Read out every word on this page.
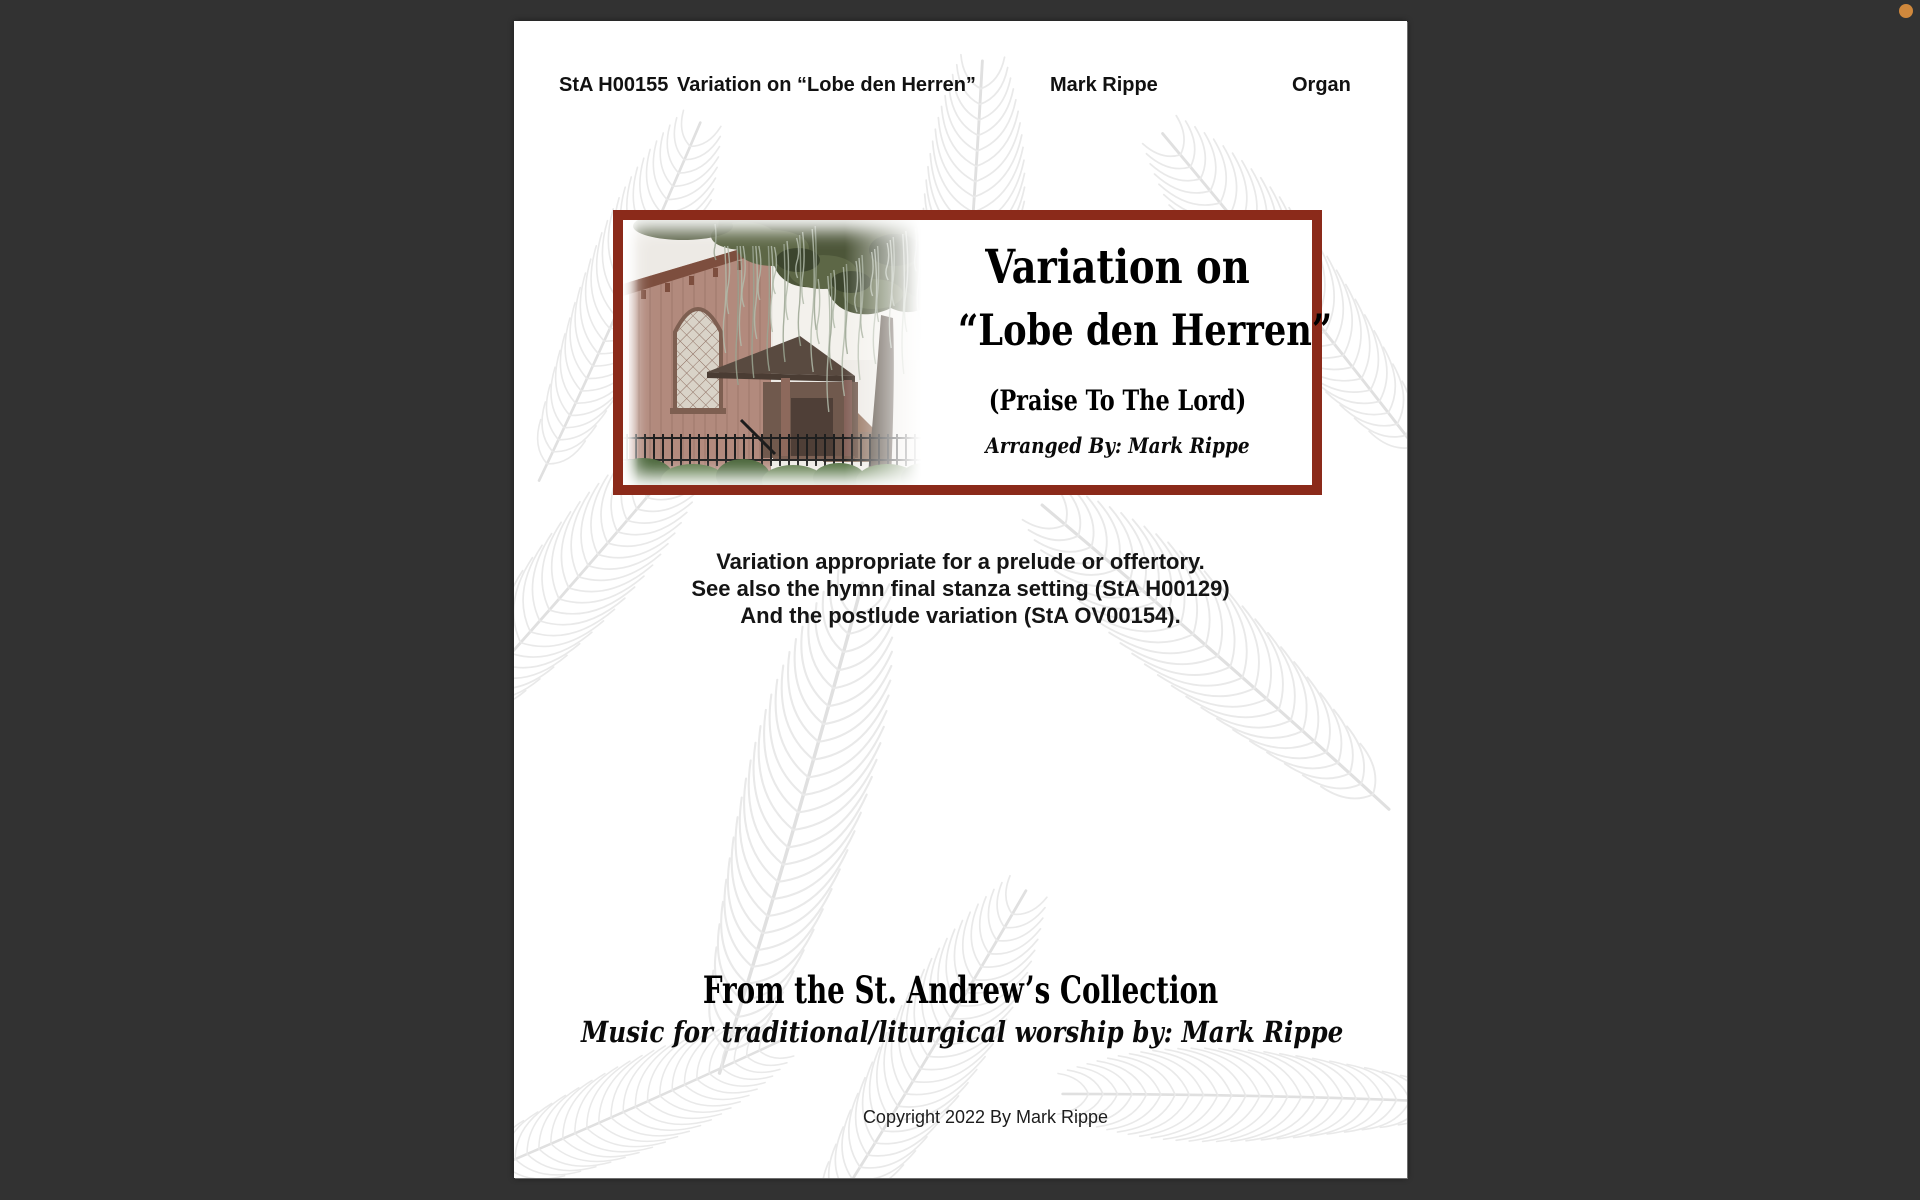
StA H00155 Variation on “Lobe den Herren”	Mark Rippe	Organ
Variation on
“Lobe den Herren”
(Praise To The Lord)
Arranged By: Mark Rippe
Variation appropriate for a prelude or offertory.
See also the hymn final stanza setting (StA H00129)
And the postlude variation (StA OV00154).
From the St. Andrew’s Collection
Music for traditional/liturgical worship by: Mark Rippe
Copyright 2022 By Mark Rippe
